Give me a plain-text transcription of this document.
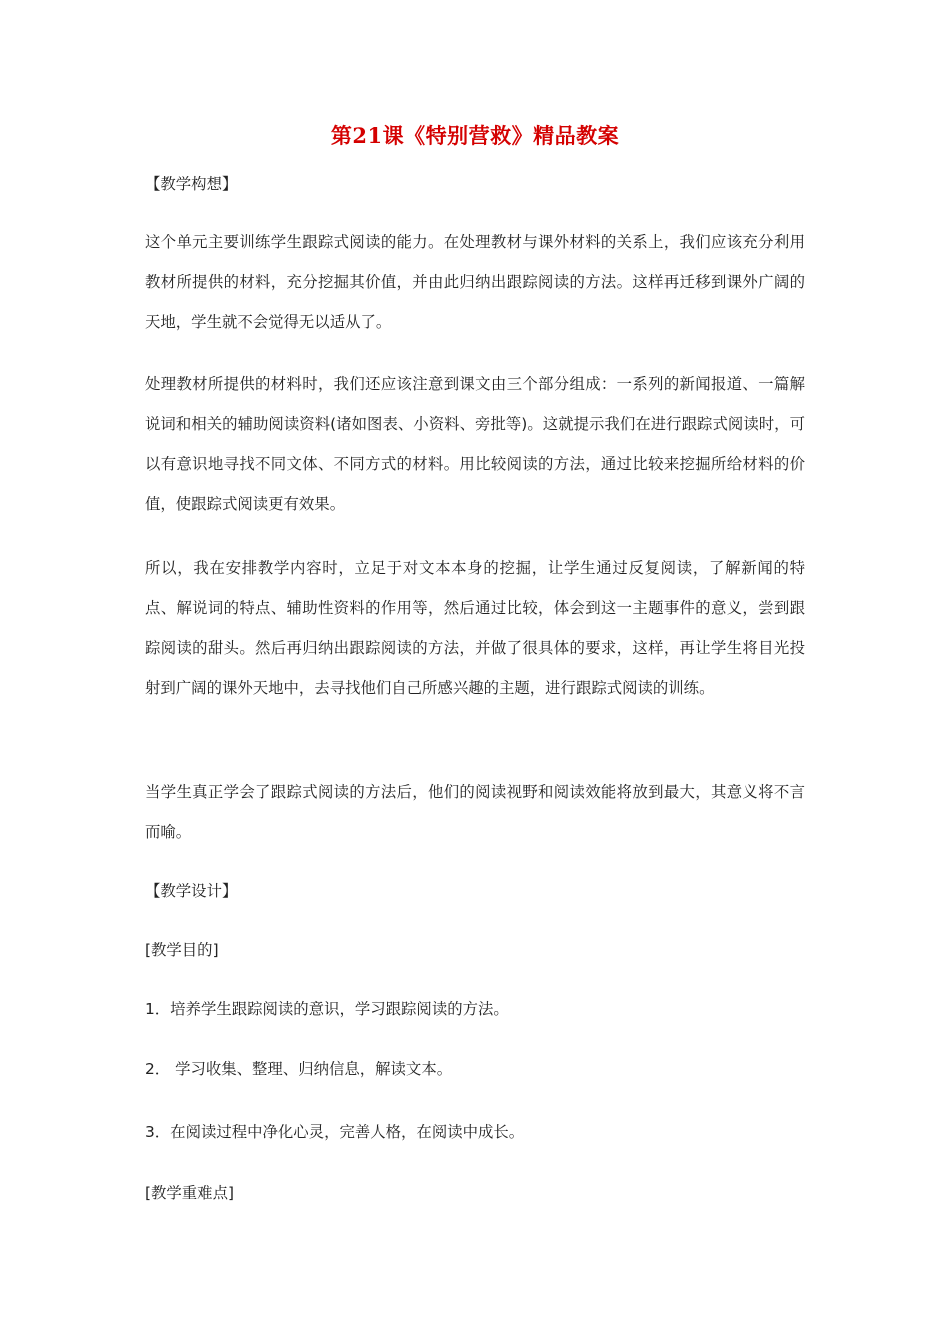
第21课《特别营救》精品教案

【教学构想】

这个单元主要训练学生跟踪式阅读的能力。在处理教材与课外材料的关系上，我们应该充分利用教材所提供的材料，充分挖掘其价值，并由此归纳出跟踪阅读的方法。这样再迁移到课外广阔的天地，学生就不会觉得无以适从了。

处理教材所提供的材料时，我们还应该注意到课文由三个部分组成：一系列的新闻报道、一篇解说词和相关的辅助阅读资料(诸如图表、小资料、旁批等)。这就提示我们在进行跟踪式阅读时，可以有意识地寻找不同文体、不同方式的材料。用比较阅读的方法，通过比较来挖掘所给材料的价值，使跟踪式阅读更有效果。

所以，我在安排教学内容时，立足于对文本本身的挖掘，让学生通过反复阅读，了解新闻的特点、解说词的特点、辅助性资料的作用等，然后通过比较，体会到这一主题事件的意义，尝到跟踪阅读的甜头。然后再归纳出跟踪阅读的方法，并做了很具体的要求，这样，再让学生将目光投射到广阔的课外天地中，去寻找他们自己所感兴趣的主题，进行跟踪式阅读的训练。

当学生真正学会了跟踪式阅读的方法后，他们的阅读视野和阅读效能将放到最大，其意义将不言而喻。

【教学设计】

[教学目的]

1．培养学生跟踪阅读的意识，学习跟踪阅读的方法。

2． 学习收集、整理、归纳信息，解读文本。

3．在阅读过程中净化心灵，完善人格，在阅读中成长。

[教学重难点]
